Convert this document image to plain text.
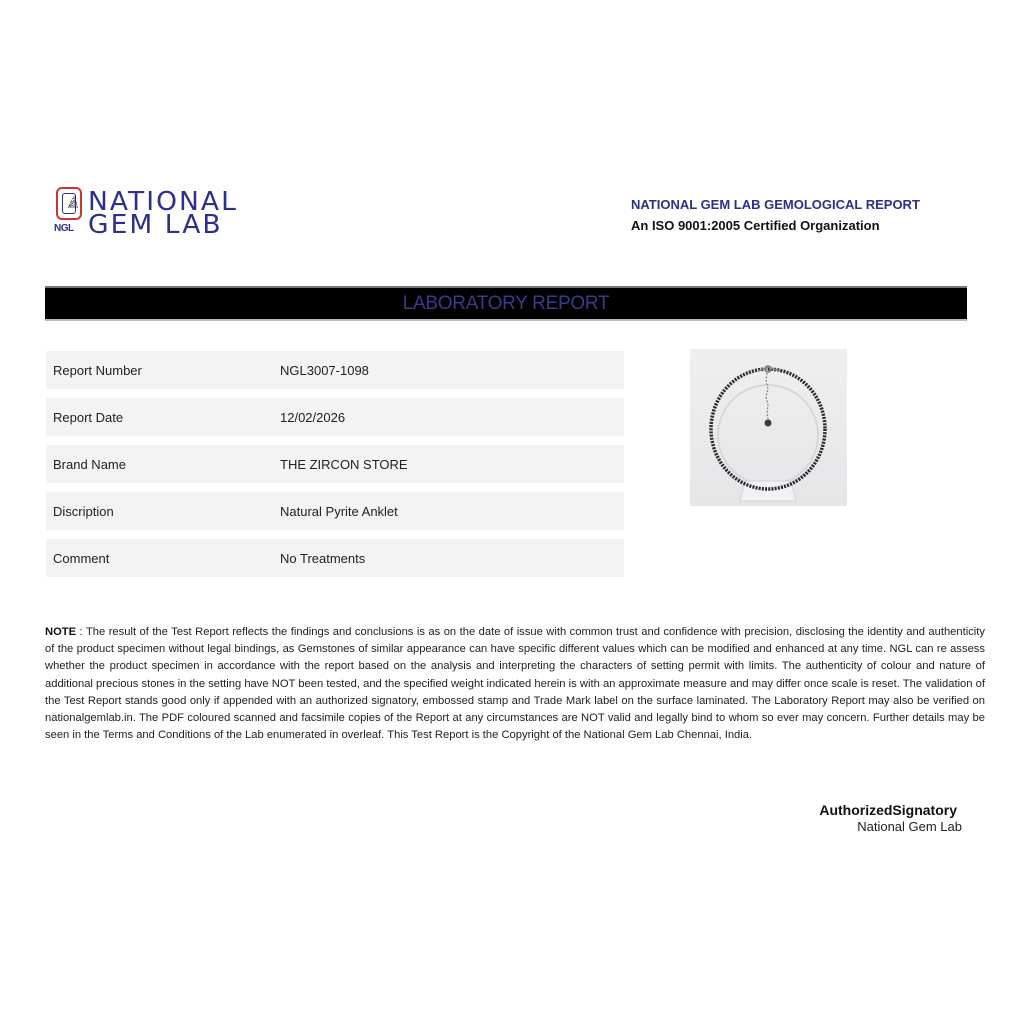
🔬︎
NGL
NATIONAL
GEM LAB
NATIONAL GEM LAB GEMOLOGICAL REPORT
An ISO 9001:2005 Certified Organization
LABORATORY REPORT
Report Number	NGL3007-1098
Report Date	12/02/2026
Brand Name	THE ZIRCON STORE
Discription	Natural Pyrite Anklet
Comment	No Treatments
NOTE : The result of the Test Report reflects the findings and conclusions is as on the date of issue with common trust and confidence with precision, disclosing the identity and authenticity of the product specimen without legal bindings, as Gemstones of similar appearance can have specific different values which can be modified and enhanced at any time. NGL can re assess whether the product specimen in accordance with the report based on the analysis and interpreting the characters of setting permit with limits. The authenticity of colour and nature of additional precious stones in the setting have NOT been tested, and the specified weight indicated herein is with an approximate measure and may differ once scale is reset. The validation of the Test Report stands good only if appended with an authorized signatory, embossed stamp and Trade Mark label on the surface laminated. The Laboratory Report may also be verified on nationalgemlab.in. The PDF coloured scanned and facsimile copies of the Report at any circumstances are NOT valid and legally bind to whom so ever may concern. Further details may be seen in the Terms and Conditions of the Lab enumerated in overleaf. This Test Report is the Copyright of the National Gem Lab Chennai, India.
AuthorizedSignatory
National Gem Lab
